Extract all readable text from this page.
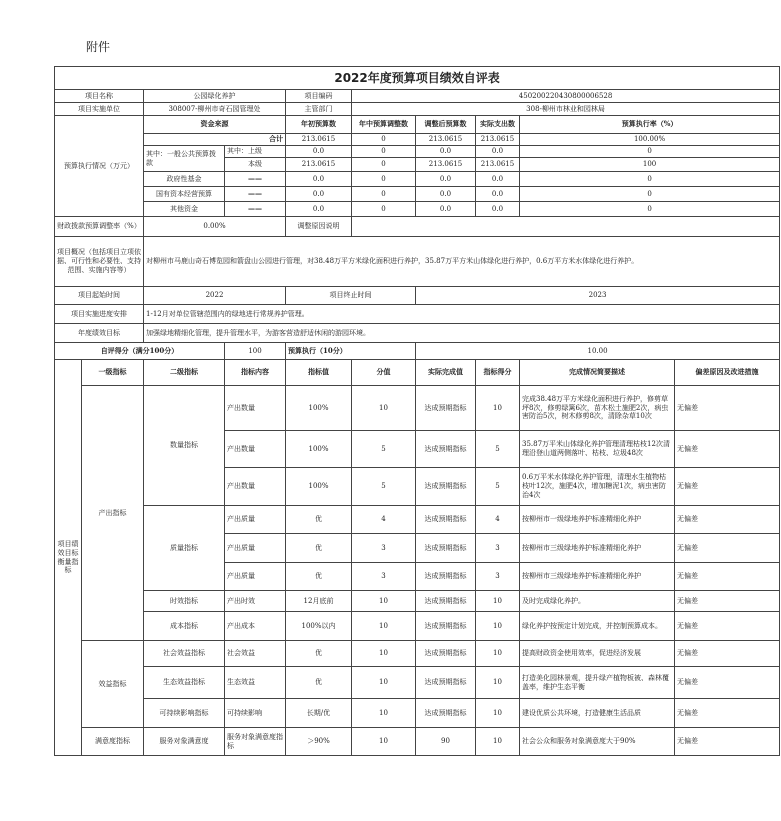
附件
2022年度预算项目绩效自评表									
项目名称		公园绿化养护		项目编码	450200220430800006528				
项目实施单位		308007-柳州市奇石园管理处		主管部门	308-柳州市林业和园林局				
预算执行情况（万元）		资金来源		年初预算数	年中预算调整数	调整后预算数	实际支出数	预算执行率（%）	
		合计		213.0615	0	213.0615	213.0615	100.00%	
		其中：一般公共预算拨款	其中：上级	0.0	0	0.0	0.0	0	
			本级	213.0615	0	213.0615	213.0615	100	
		政府性基金	——	0.0	0	0.0	0.0	0	
		国有资本经营预算	——	0.0	0	0.0	0.0	0	
		其他资金	——	0.0	0	0.0	0.0	0	
财政拨款预算调整率（%）		0.00%		调整原因说明					
项目概况（包括项目立项依据、可行性和必要性、支持范围、实施内容等）		对柳州市马鹿山奇石博览园和箭盘山公园进行管理，对38.48万平方米绿化面积进行养护，35.87万平方米山体绿化进行养护，0.6万平方米水体绿化进行养护。							
项目起始时间		2022		项目终止时间		2023			
项目实施进度安排		1-12月对单位管辖范围内的绿地进行常规养护管理。							
年度绩效目标		加强绿地精细化管理，提升管理水平，为游客营造舒适休闲的游园环境。							
自评得分（满分100分）			100	预算执行（10分）		10.00			
项目绩效目标衡量指标	一级指标	二级指标	指标内容	指标值	分值	实际完成值	指标得分	完成情况简要描述	偏差原因及改进措施
	产出指标	数量指标	产出数量	100%	10	达成预期指标	10	完成38.48万平方米绿化面积进行养护，修剪草坪8次，修剪绿篱6次，苗木松土施肥2次，病虫害防治5次，树木修剪8次，清除杂草10次	无偏差
			产出数量	100%	5	达成预期指标	5	35.87万平米山体绿化养护管理清理枯枝12次清理沿登山道两侧落叶、枯枝、垃圾48次	无偏差
			产出数量	100%	5	达成预期指标	5	0.6万平米水体绿化养护管理，清理水生植物枯枝叶12次，施肥4次，增加糖泥1次，病虫害防治4次	无偏差
		质量指标	产出质量	优	4	达成预期指标	4	按柳州市一级绿地养护标准精细化养护	无偏差
			产出质量	优	3	达成预期指标	3	按柳州市三级绿地养护标准精细化养护	无偏差
			产出质量	优	3	达成预期指标	3	按柳州市三级绿地养护标准精细化养护	无偏差
		时效指标	产出时效	12月底前	10	达成预期指标	10	及时完成绿化养护。	无偏差
		成本指标	产出成本	100%以内	10	达成预期指标	10	绿化养护按预定计划完成，并控制预算成本。	无偏差
	效益指标	社会效益指标	社会效益	优	10	达成预期指标	10	提高财政资金使用效率，促进经济发展	无偏差
		生态效益指标	生态效益	优	10	达成预期指标	10	打造美化园林景观，提升绿产植物板被、森林覆盖率，维护生态平衡	无偏差
		可持续影响指标	可持续影响	长期/优	10	达成预期指标	10	建设优质公共环境，打造健康生活品质	无偏差
	满意度指标	服务对象满意度	服务对象满意度指标	＞90%	10	90	10	社会公众和服务对象满意度大于90%	无偏差
